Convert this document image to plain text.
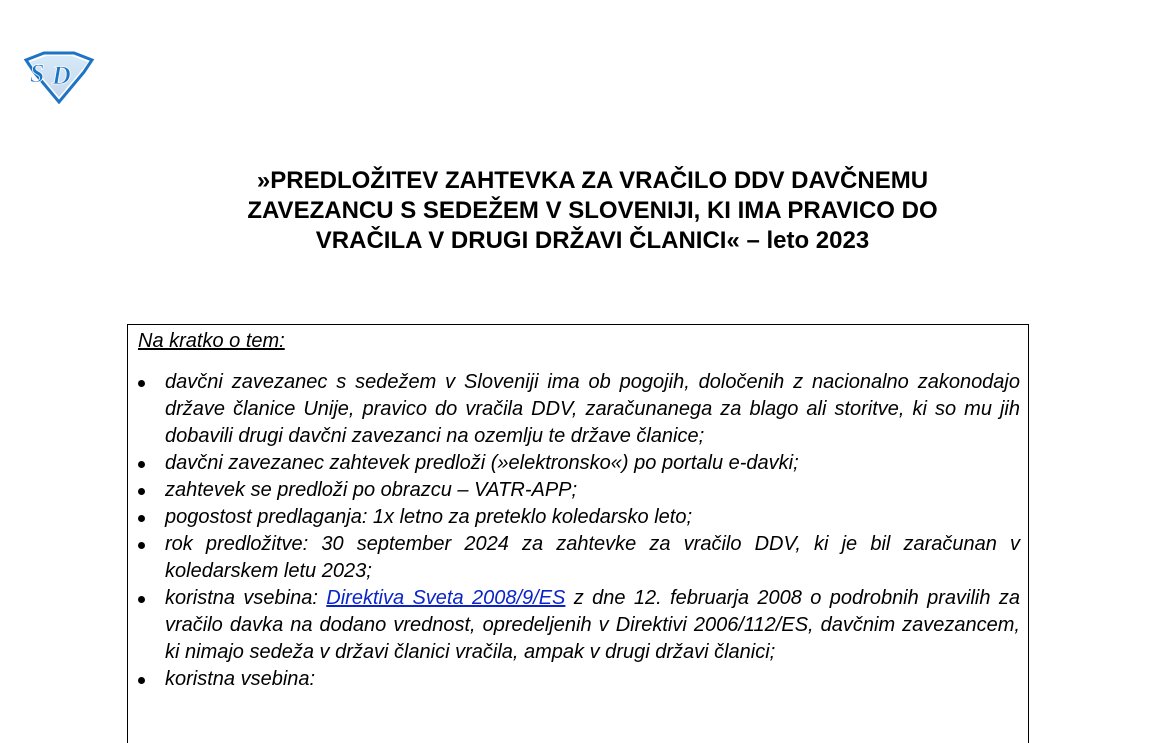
S D
»PREDLOŽITEV ZAHTEVKA ZA VRAČILO DDV DAVČNEMU
ZAVEZANCU S SEDEŽEM V SLOVENIJI, KI IMA PRAVICO DO
VRAČILA V DRUGI DRŽAVI ČLANICI« – leto 2023
Na kratko o tem:
davčni zavezanec s sedežem v Sloveniji ima ob pogojih, določenih z nacionalno zakonodajo države članice Unije, pravico do vračila DDV, zaračunanega za blago ali storitve, ki so mu jih dobavili drugi davčni zavezanci na ozemlju te države članice;
davčni zavezanec zahtevek predloži (»elektronsko«) po portalu e-davki;
zahtevek se predloži po obrazcu – VATR-APP;
pogostost predlaganja: 1x letno za preteklo koledarsko leto;
rok predložitve: 30 september 2024 za zahtevke za vračilo DDV, ki je bil zaračunan v koledarskem letu 2023;
koristna vsebina: Direktiva Sveta 2008/9/ES z dne 12. februarja 2008 o podrobnih pravilih za vračilo davka na dodano vrednost, opredeljenih v Direktivi 2006/112/ES, davčnim zavezancem, ki nimajo sedeža v državi članici vračila, ampak v drugi državi članici;
koristna vsebina:
